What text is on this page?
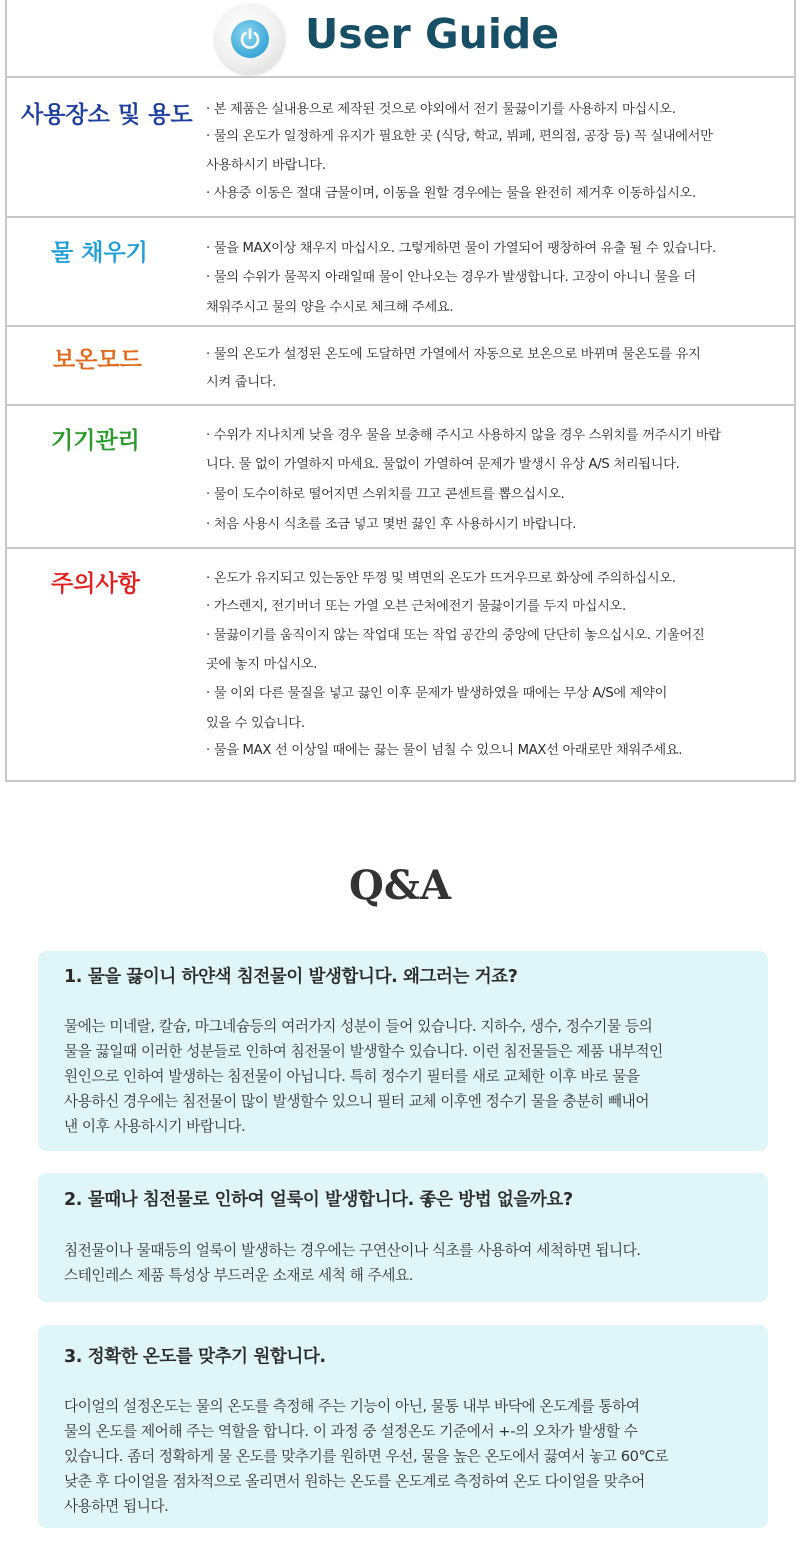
User Guide
사용장소 및 용도 · 본 제품은 실내용으로 제작된 것으로 야외에서 전기 물끓이기를 사용하지 마십시오.
· 물의 온도가 일정하게 유지가 필요한 곳 (식당, 학교, 뷔페, 편의점, 공장 등) 꼭 실내에서만
사용하시기 바랍니다.
· 사용중 이동은 절대 금물이며, 이동을 원할 경우에는 물을 완전히 제거후 이동하십시오.
물 채우기	· 물을 MAX이상 채우지 마십시오. 그렇게하면 물이 가열되어 팽창하여 유출 될 수 있습니다.
· 물의 수위가 물꼭지 아래일때 물이 안나오는 경우가 발생합니다. 고장이 아니니 물을 더
채워주시고 물의 양을 수시로 체크해 주세요.
보온모드	· 물의 온도가 설정된 온도에 도달하면 가열에서 자동으로 보온으로 바뀌며 물온도를 유지
시켜 줍니다.
기기관리	· 수위가 지나치게 낮을 경우 물을 보충해 주시고 사용하지 않을 경우 스위치를 꺼주시기 바랍
니다. 물 없이 가열하지 마세요. 물없이 가열하여 문제가 발생시 유상 A/S 처리됩니다.
· 물이 도수이하로 떨어지면 스위치를 끄고 콘센트를 뽑으십시오.
· 처음 사용시 식초를 조금 넣고 몇번 끓인 후 사용하시기 바랍니다.
주의사항	· 온도가 유지되고 있는동안 뚜껑 및 벽면의 온도가 뜨거우므로 화상에 주의하십시오.
· 가스렌지, 전기버너 또는 가열 오븐 근처에전기 물끓이기를 두지 마십시오.
· 물끓이기를 움직이지 않는 작업대 또는 작업 공간의 중앙에 단단히 놓으십시오. 기울어진
곳에 놓지 마십시오.
· 물 이외 다른 물질을 넣고 끓인 이후 문제가 발생하였을 때에는 무상 A/S에 제약이
있을 수 있습니다.
· 물을 MAX 선 이상일 때에는 끓는 물이 넘칠 수 있으니 MAX선 아래로만 채워주세요.
Q&A
1. 물을 끓이니 하얀색 침전물이 발생합니다. 왜그러는 거죠?
물에는 미네랄, 칼슘, 마그네슘등의 여러가지 성분이 들어 있습니다. 지하수, 생수, 정수기물 등의
물을 끓일때 이러한 성분들로 인하여 침전물이 발생할수 있습니다. 이런 침전물들은 제품 내부적인
원인으로 인하여 발생하는 침전물이 아닙니다. 특히 정수기 필터를 새로 교체한 이후 바로 물을
사용하신 경우에는 침전물이 많이 발생할수 있으니 필터 교체 이후엔 정수기 물을 충분히 빼내어
낸 이후 사용하시기 바랍니다.
2. 물때나 침전물로 인하여 얼룩이 발생합니다. 좋은 방법 없을까요?
침전물이나 물때등의 얼룩이 발생하는 경우에는 구연산이나 식초를 사용하여 세척하면 됩니다.
스테인레스 제품 특성상 부드러운 소재로 세척 해 주세요.
3. 정확한 온도를 맞추기 원합니다.
다이얼의 설정온도는 물의 온도를 측정해 주는 기능이 아닌, 물통 내부 바닥에 온도계를 통하여
물의 온도를 제어해 주는 역할을 합니다. 이 과정 중 설정온도 기준에서 +-의 오차가 발생할 수
있습니다. 좀더 정확하게 물 온도를 맞추기를 원하면 우선, 물을 높은 온도에서 끓여서 놓고 60℃로
낮춘 후 다이얼을 점차적으로 올리면서 원하는 온도를 온도계로 측정하여 온도 다이얼을 맞추어
사용하면 됩니다.
